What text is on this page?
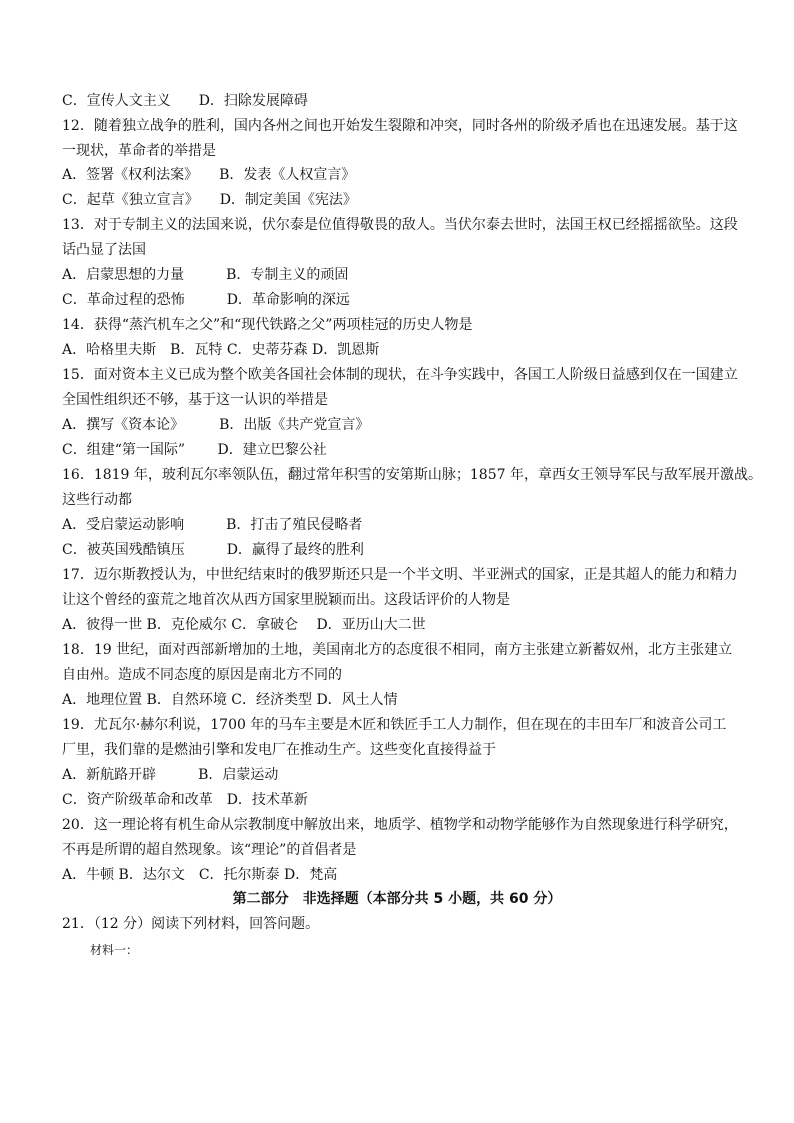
C．宣传人文主义　　D．扫除发展障碍
12．随着独立战争的胜利，国内各州之间也开始发生裂隙和冲突，同时各州的阶级矛盾也在迅速发展。基于这
一现状，革命者的举措是
A．签署《权利法案》　　B．发表《人权宣言》
C．起草《独立宣言》　　D．制定美国《宪法》
13．对于专制主义的法国来说，伏尔泰是位值得敬畏的敌人。当伏尔泰去世时，法国王权已经摇摇欲坠。这段
话凸显了法国
A．启蒙思想的力量　　　B．专制主义的顽固
C．革命过程的恐怖　　　D．革命影响的深远
14．获得“蒸汽机车之父”和“现代铁路之父”两项桂冠的历史人物是
A．哈格里夫斯　B．瓦特 C．史蒂芬森 D．凯恩斯
15．面对资本主义已成为整个欧美各国社会体制的现状，在斗争实践中，各国工人阶级日益感到仅在一国建立
全国性组织还不够，基于这一认识的举措是
A．撰写《资本论》　　　B．出版《共产党宣言》
C．组建“第一国际”　　 D．建立巴黎公社
16．1819 年，玻利瓦尔率领队伍，翻过常年积雪的安第斯山脉；1857 年，章西女王领导军民与敌军展开激战。
这些行动都
A．受启蒙运动影响　　　B．打击了殖民侵略者
C．被英国残酷镇压　　　D．赢得了最终的胜利
17．迈尔斯教授认为，中世纪结束时的俄罗斯还只是一个半文明、半亚洲式的国家，正是其超人的能力和精力
让这个曾经的蛮荒之地首次从西方国家里脱颖而出。这段话评价的人物是
A．彼得一世 B．克伦威尔 C．拿破仑　 D．亚历山大二世
18．19 世纪，面对西部新增加的土地，美国南北方的态度很不相同，南方主张建立新蓄奴州，北方主张建立
自由州。造成不同态度的原因是南北方不同的
A．地理位置 B．自然环境 C．经济类型 D．风土人情
19．尤瓦尔·赫尔利说，1700 年的马车主要是木匠和铁匠手工人力制作，但在现在的丰田车厂和波音公司工
厂里，我们靠的是燃油引擎和发电厂在推动生产。这些变化直接得益于
A．新航路开辟　　　B．启蒙运动
C．资产阶级革命和改革　D．技术革新
20．这一理论将有机生命从宗教制度中解放出来，地质学、植物学和动物学能够作为自然现象进行科学研究，
不再是所谓的超自然现象。该“理论”的首倡者是
A．牛顿 B．达尔文　C．托尔斯泰 D．梵高
第二部分　非选择题（本部分共 5 小题，共 60 分）
21．（12 分）阅读下列材料，回答问题。
材料一：
